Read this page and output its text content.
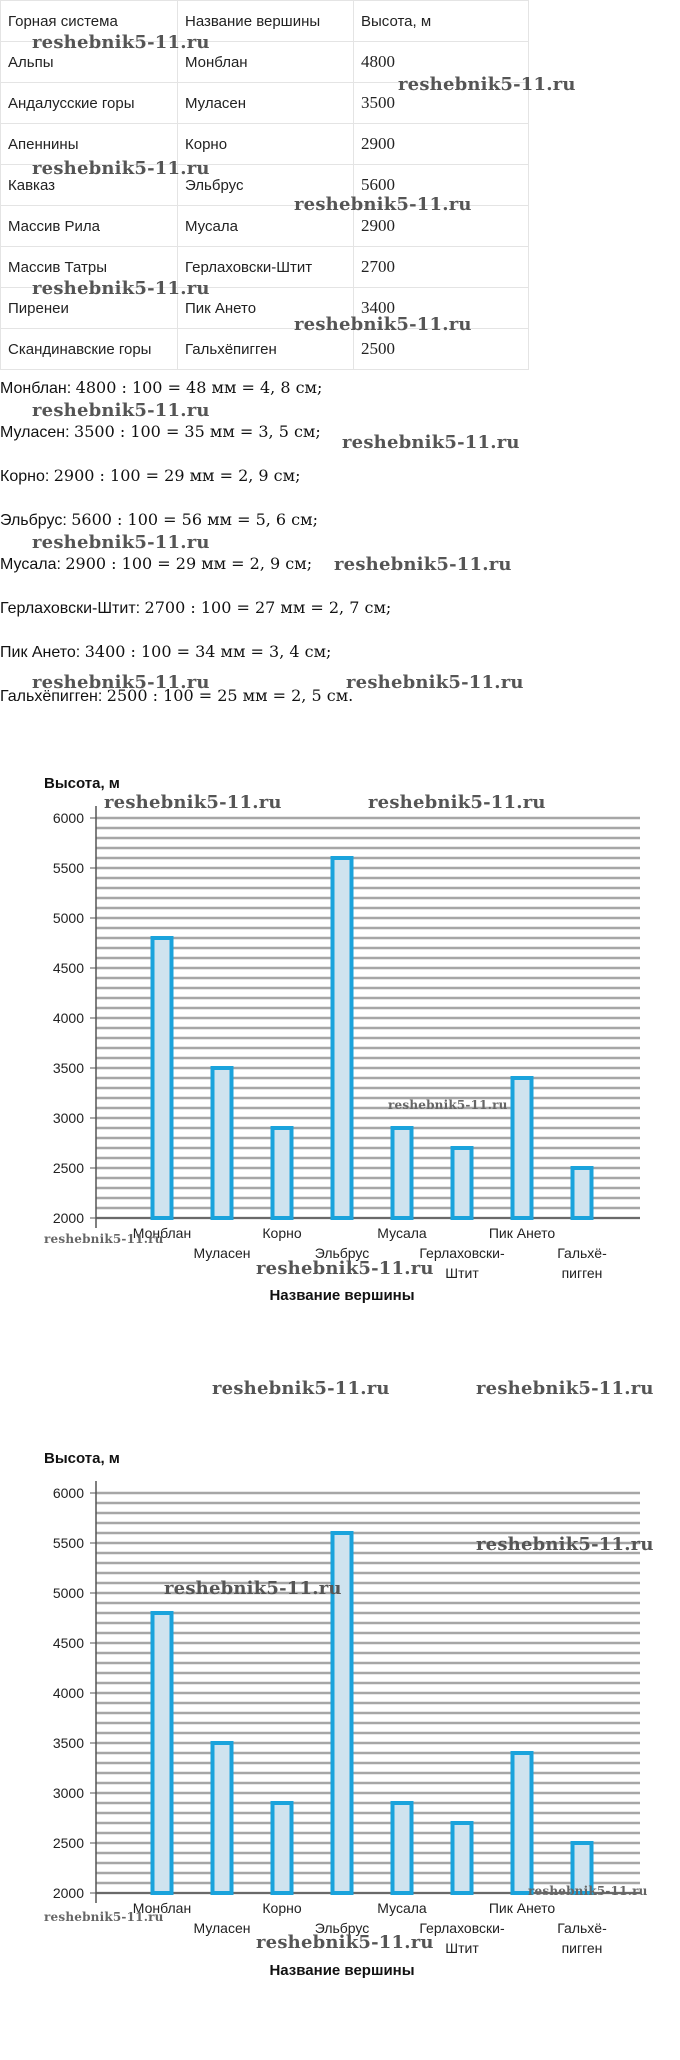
Горная система	Название вершины	Высота, м
Альпы	Монблан	4800
Андалусские горы	Муласен	3500
Апеннины	Корно	2900
Кавказ	Эльбрус	5600
Массив Рила	Мусала	2900
Массив Татры	Герлаховски-Штит	2700
Пиренеи	Пик Ането	3400
Скандинавские горы	Гальхёпигген	2500
Монблан: 4800 : 100 = 48 мм = 4, 8 см;
Муласен: 3500 : 100 = 35 мм = 3, 5 см;
Корно: 2900 : 100 = 29 мм = 2, 9 см;
Эльбрус: 5600 : 100 = 56 мм = 5, 6 см;
Мусала: 2900 : 100 = 29 мм = 2, 9 см;
Герлаховски-Штит: 2700 : 100 = 27 мм = 2, 7 см;
Пик Ането: 3400 : 100 = 34 мм = 3, 4 см;
Гальхёпигген: 2500 : 100 = 25 мм = 2, 5 см.
Высота, м
2000
2500
3000
3500
4000
4500
5000
5500
6000
Монблан
Муласен
Корно
Эльбрус
Мусала
Герлаховски-
Штит
Пик Ането
Гальхё-
пигген
Название вершины
Высота, м
2000
2500
3000
3500
4000
4500
5000
5500
6000
Монблан
Муласен
Корно
Эльбрус
Мусала
Герлаховски-
Штит
Пик Ането
Гальхё-
пигген
Название вершины
reshebnik5-11.ru
reshebnik5-11.ru
reshebnik5-11.ru
reshebnik5-11.ru
reshebnik5-11.ru
reshebnik5-11.ru
reshebnik5-11.ru
reshebnik5-11.ru
reshebnik5-11.ru
reshebnik5-11.ru
reshebnik5-11.ru	reshebnik5-11.ru
reshebnik5-11.ru	reshebnik5-11.ru
reshebnik5-11.ru
reshebnik5-11.ru
reshebnik5-11.ru
reshebnik5-11.ru	reshebnik5-11.ru
reshebnik5-11.ru
reshebnik5-11.ru
reshebnik5-11.ru
reshebnik5-11.ru
reshebnik5-11.ru
